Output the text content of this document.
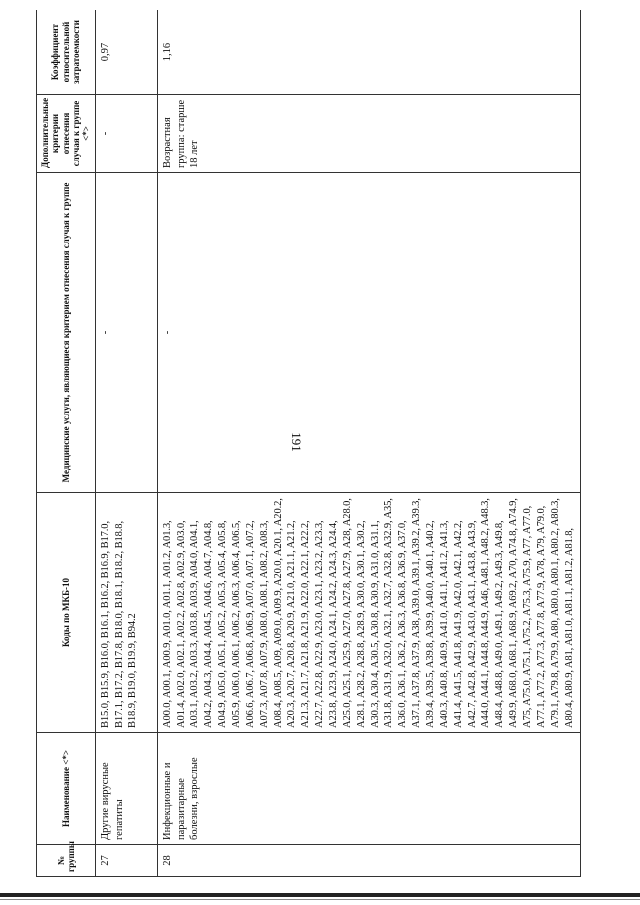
191
№ группы	Наименование <*>	Коды по МКБ-10	Медицинские услуги, являющиеся критерием отнесения случая к группе	Дополнительные критерии отнесения случая к группе <*>	Коэффициент относительной затратоемкости
27	Другие вирусные гепатиты	B15.0, B15.9, B16.0, B16.1, B16.2, B16.9, B17.0, B17.1, B17.2, B17.8, B18.0, B18.1, B18.2, B18.8, B18.9, B19.0, B19.9, B94.2	-	-	0,97
28	Инфекционные и паразитарные болезни, взрослые	A00.0, A00.1, A00.9, A01.0, A01.1, A01.2, A01.3, A01.4, A02.0, A02.1, A02.2, A02.8, A02.9, A03.0, A03.1, A03.2, A03.3, A03.8, A03.9, A04.0, A04.1, A04.2, A04.3, A04.4, A04.5, A04.6, A04.7, A04.8, A04.9, A05.0, A05.1, A05.2, A05.3, A05.4, A05.8, A05.9, A06.0, A06.1, A06.2, A06.3, A06.4, A06.5, A06.6, A06.7, A06.8, A06.9, A07.0, A07.1, A07.2, A07.3, A07.8, A07.9, A08.0, A08.1, A08.2, A08.3, A08.4, A08.5, A09, A09.0, A09.9, A20.0, A20.1, A20.2, A20.3, A20.7, A20.8, A20.9, A21.0, A21.1, A21.2, A21.3, A21.7, A21.8, A21.9, A22.0, A22.1, A22.2, A22.7, A22.8, A22.9, A23.0, A23.1, A23.2, A23.3, A23.8, A23.9, A24.0, A24.1, A24.2, A24.3, A24.4, A25.0, A25.1, A25.9, A27.0, A27.8, A27.9, A28, A28.0, A28.1, A28.2, A28.8, A28.9, A30.0, A30.1, A30.2, A30.3, A30.4, A30.5, A30.8, A30.9, A31.0, A31.1, A31.8, A31.9, A32.0, A32.1, A32.7, A32.8, A32.9, A35, A36.0, A36.1, A36.2, A36.3, A36.8, A36.9, A37.0, A37.1, A37.8, A37.9, A38, A39.0, A39.1, A39.2, A39.3, A39.4, A39.5, A39.8, A39.9, A40.0, A40.1, A40.2, A40.3, A40.8, A40.9, A41.0, A41.1, A41.2, A41.3, A41.4, A41.5, A41.8, A41.9, A42.0, A42.1, A42.2, A42.7, A42.8, A42.9, A43.0, A43.1, A43.8, A43.9, A44.0, A44.1, A44.8, A44.9, A46, A48.1, A48.2, A48.3, A48.4, A48.8, A49.0, A49.1, A49.2, A49.3, A49.8, A49.9, A68.0, A68.1, A68.9, A69.2, A70, A74.8, A74.9, A75, A75.0, A75.1, A75.2, A75.3, A75.9, A77, A77.0, A77.1, A77.2, A77.3, A77.8, A77.9, A78, A79, A79.0, A79.1, A79.8, A79.9, A80, A80.0, A80.1, A80.2, A80.3, A80.4, A80.9, A81, A81.0, A81.1, A81.2, A81.8,	-	Возрастная группа: старше 18 лет	1,16
